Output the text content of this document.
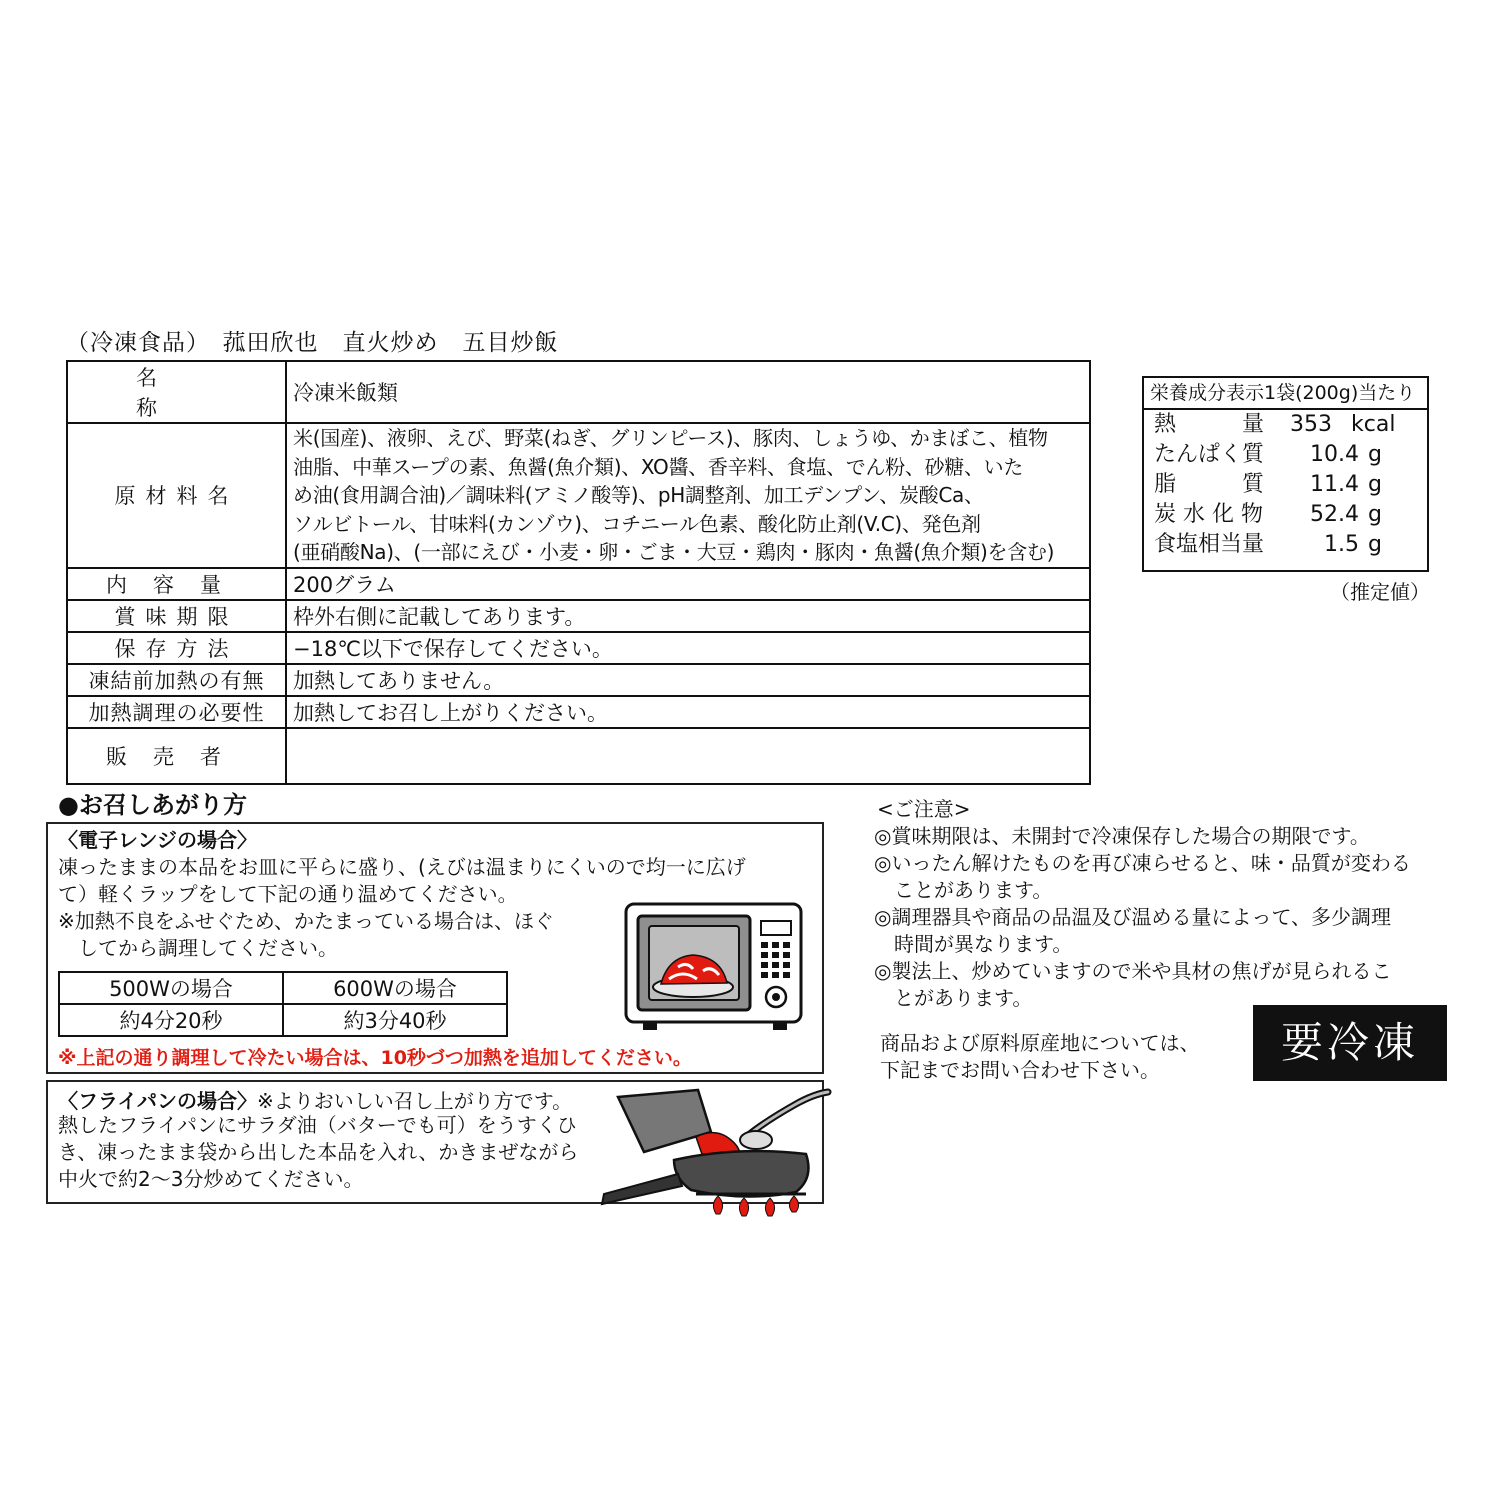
（冷凍食品）　菰田欣也　直火炒め　五目炒飯
名　称	冷凍米飯類
原材料名	米(国産)、液卵、えび、野菜(ねぎ、グリンピース)、豚肉、しょうゆ、かまぼこ、植物
油脂、中華スープの素、魚醤(魚介類)、XO醬、香辛料、食塩、でん粉、砂糖、いた
め油(食用調合油)／調味料(アミノ酸等)、pH調整剤、加工デンプン、炭酸Ca、
ソルビトール、甘味料(カンゾウ)、コチニール色素、酸化防止剤(V.C)、発色剤
(亜硝酸Na)、(一部にえび・小麦・卵・ごま・大豆・鶏肉・豚肉・魚醤(魚介類)を含む)
内容量	200グラム
賞味期限	枠外右側に記載してあります。
保存方法	−18℃以下で保存してください。
凍結前加熱の有無	加熱してありません。
加熱調理の必要性	加熱してお召し上がりください。
販売者	
栄養成分表示1袋(200g)当たり
熱　　　量 353 kcal
たんぱく質 10.4 g
脂　　　質 11.4 g
炭 水 化 物 52.4 g
食塩相当量	1.5 g
（推定値）
●お召しあがり方
〈電子レンジの場合〉
凍ったままの本品をお皿に平らに盛り、(えびは温まりにくいので均一に広げ
て）軽くラップをして下記の通り温めてください。
※加熱不良をふせぐため、かたまっている場合は、ほぐ
　してから調理してください。
500Wの場合	600Wの場合
約4分20秒	約3分40秒
※上記の通り調理して冷たい場合は、10秒づつ加熱を追加してください。
〈フライパンの場合〉※よりおいしい召し上がり方です。
熱したフライパンにサラダ油（バターでも可）をうすくひ
き、凍ったまま袋から出した本品を入れ、かきまぜながら
中火で約2〜3分炒めてください。
<ご注意>
◎賞味期限は、未開封で冷凍保存した場合の期限です。
◎いったん解けたものを再び凍らせると、味・品質が変わる
　ことがあります。
◎調理器具や商品の品温及び温める量によって、多少調理
　時間が異なります。
◎製法上、炒めていますので米や具材の焦げが見られるこ
　とがあります。
商品および原料原産地については、
下記までお問い合わせ下さい。
要冷凍
